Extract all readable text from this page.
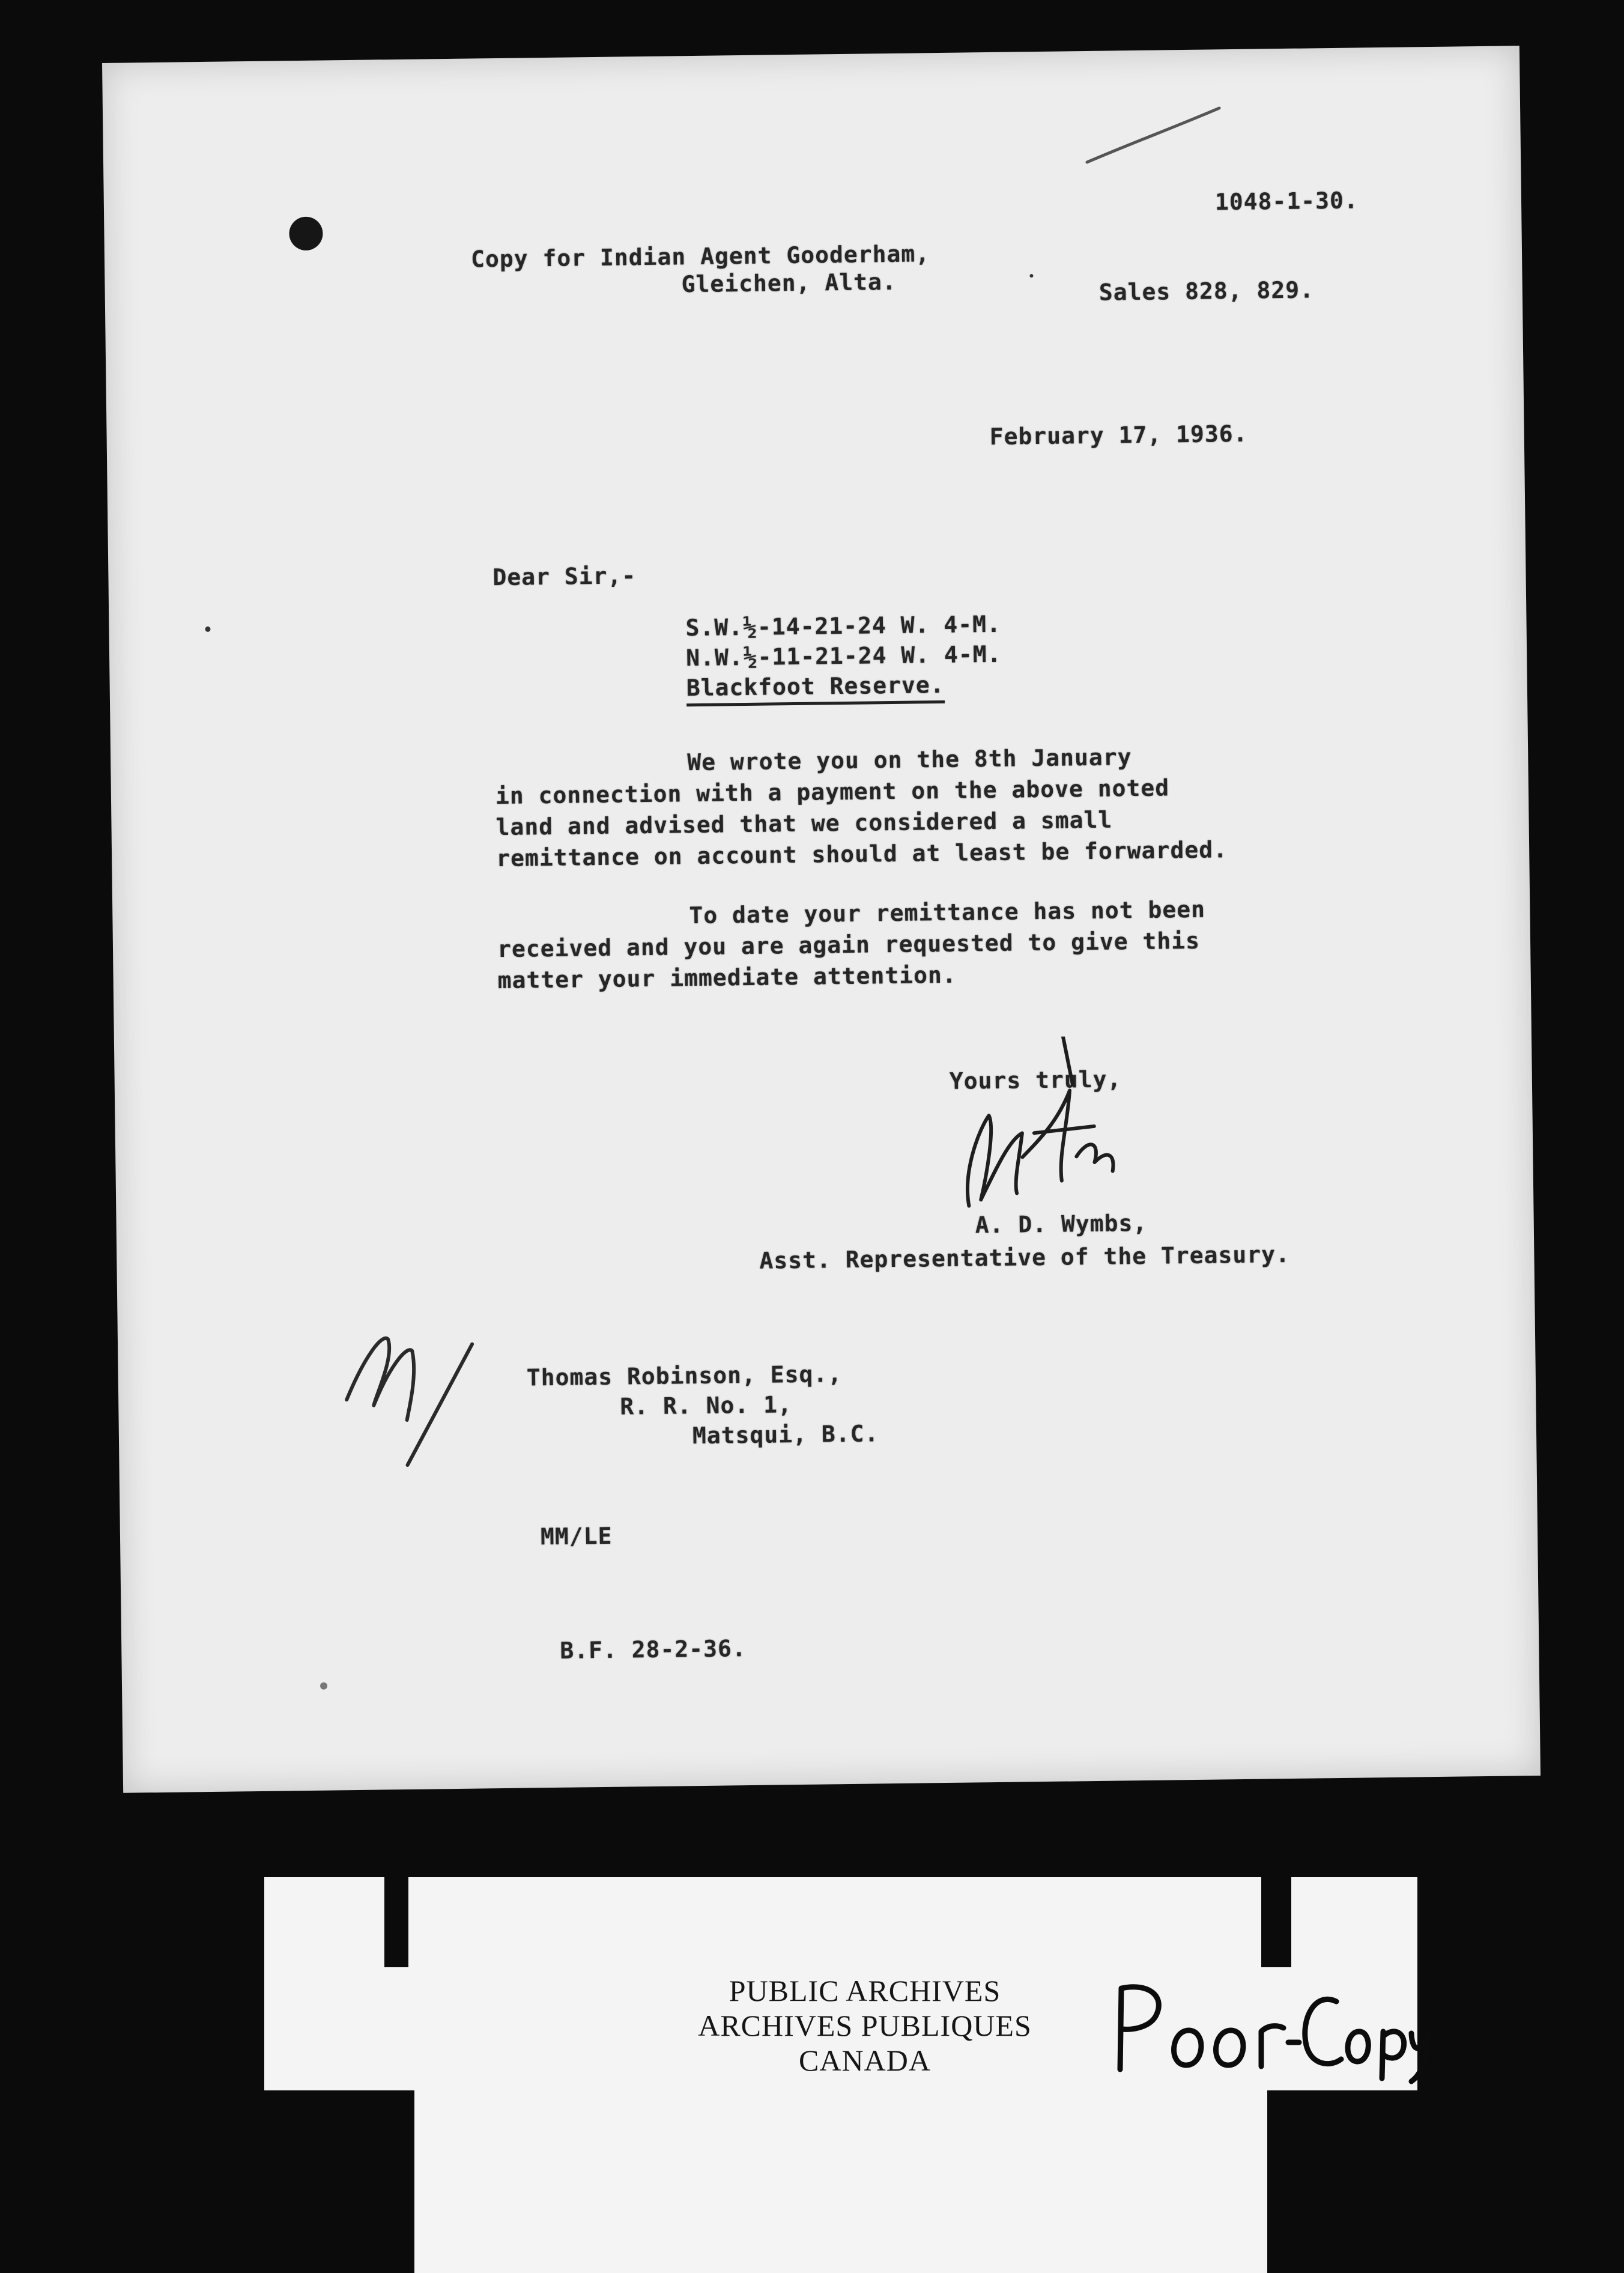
1048-1-30.

Copy for Indian Agent Gooderham,

Gleichen, Alta.	Sales 828, 829.

February 17, 1936.

Dear Sir,-

S.W.½-14-21-24 W. 4-M.

N.W.½-11-21-24 W. 4-M.

Blackfoot Reserve.

We wrote you on the 8th January

in connection with a payment on the above noted

land and advised that we considered a small

remittance on account should at least be forwarded.

To date your remittance has not been

received and you are again requested to give this

matter your immediate attention.

Yours truly,

A. D. Wymbs,

Asst. Representative of the Treasury.

Thomas Robinson, Esq.,

R. R. No. 1,

Matsqui, B.C.

MM/LE

B.F. 28-2-36.

PUBLIC ARCHIVES
ARCHIVES PUBLIQUES
CANADA
